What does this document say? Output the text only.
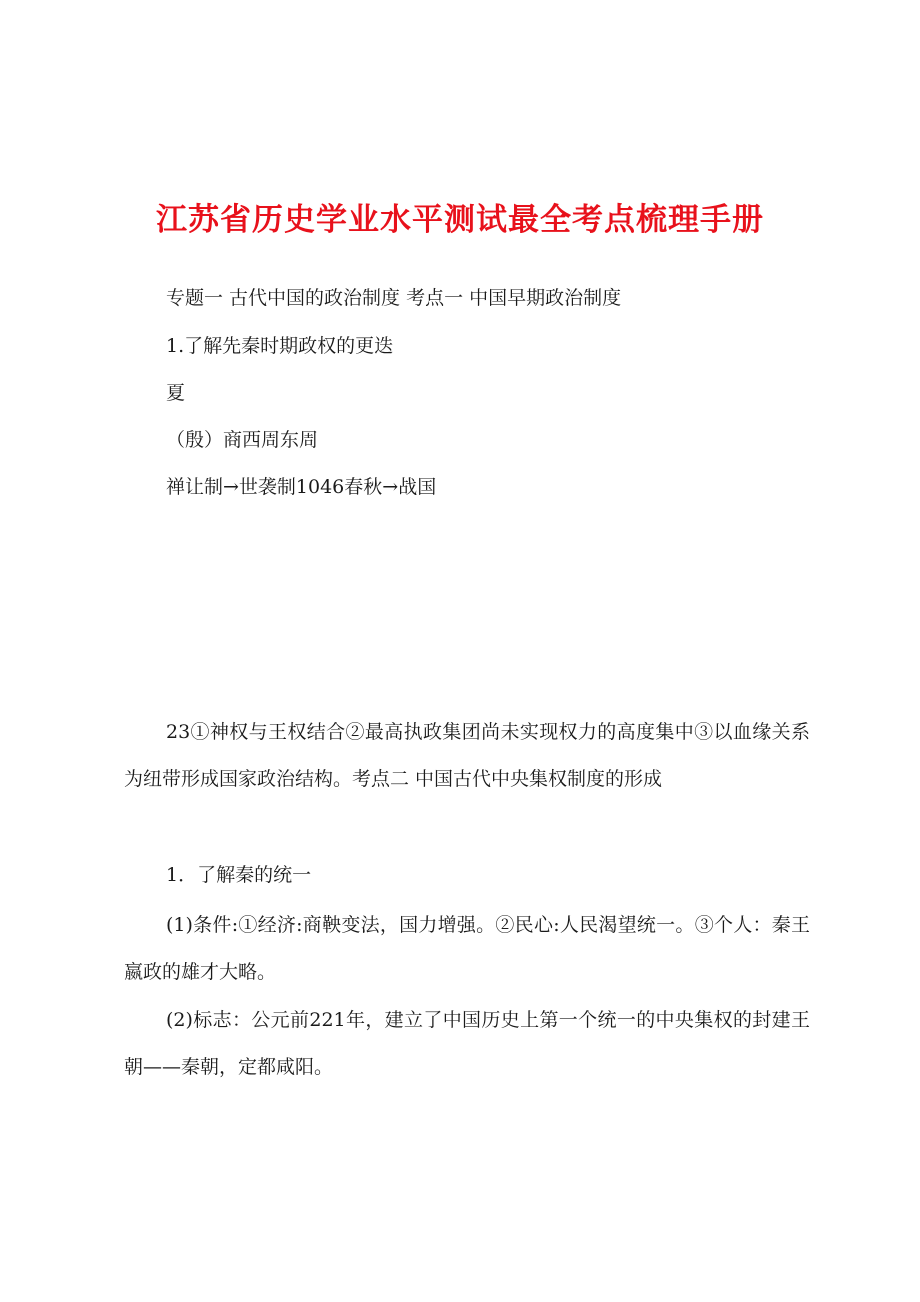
江苏省历史学业水平测试最全考点梳理手册

专题一 古代中国的政治制度 考点一 中国早期政治制度

1.了解先秦时期政权的更迭

夏

（殷）商西周东周

禅让制→世袭制1046春秋→战国

23①神权与王权结合②最高执政集团尚未实现权力的高度集中③以血缘关系为纽带形成国家政治结构。考点二 中国古代中央集权制度的形成

1．了解秦的统一

(1)条件:①经济:商鞅变法，国力增强。②民心:人民渴望统一。③个人：秦王嬴政的雄才大略。

(2)标志：公元前221年，建立了中国历史上第一个统一的中央集权的封建王朝——秦朝，定都咸阳。
